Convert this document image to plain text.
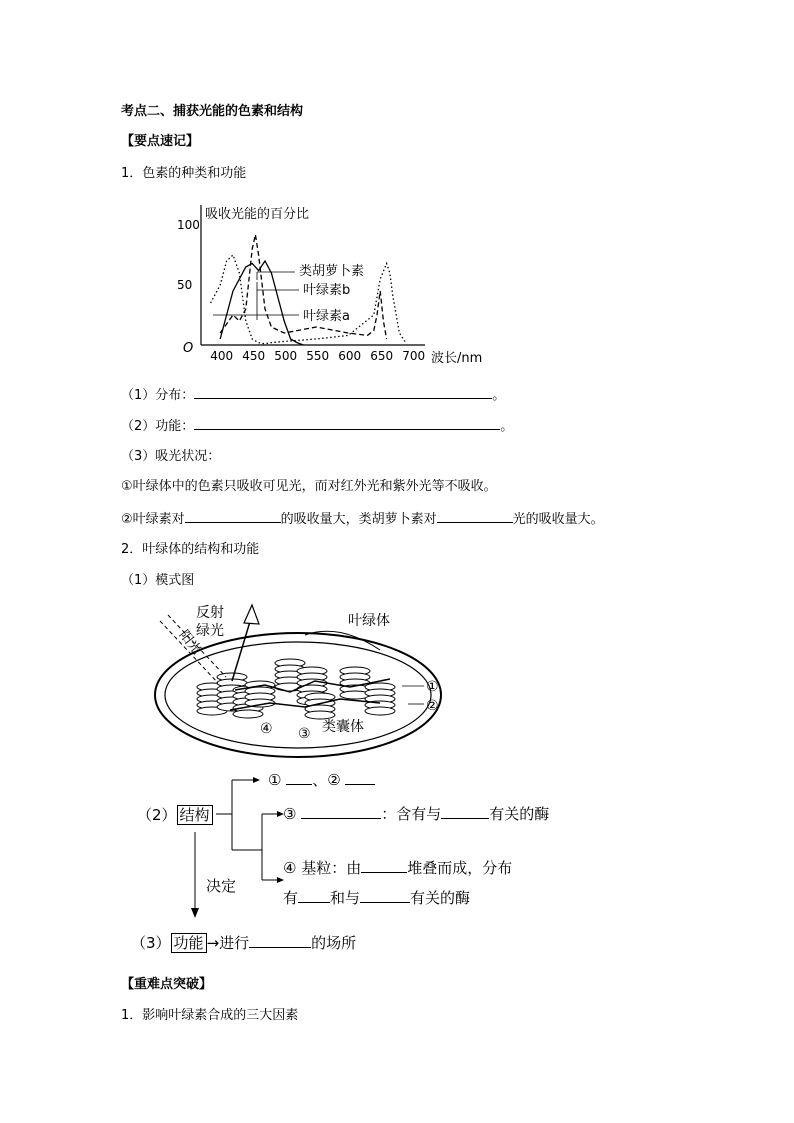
考点二、捕获光能的色素和结构
【要点速记】
1．色素的种类和功能
吸收光能的百分比
O
波长/nm
50
100
400 450 500 550 600 650 700
类胡萝卜素
叶绿素b
叶绿素a
（1）分布：	。
（2）功能：	。
（3）吸光状况：
①叶绿体中的色素只吸收可见光，而对红外光和紫外光等不吸收。
②叶绿素对	的吸收量大，类胡萝卜素对	光的吸收量大。
2．叶绿体的结构和功能
（1）模式图
反射
绿光
阳光
叶绿体
①
②
④ ③ 类囊体
（2） 结构
① 、②
③	：含有与	有关的酶
④ 基粒：由	堆叠而成，分布
有 和与	有关的酶
决定
（3） 功能 →进行	的场所
【重难点突破】
1．影响叶绿素合成的三大因素
